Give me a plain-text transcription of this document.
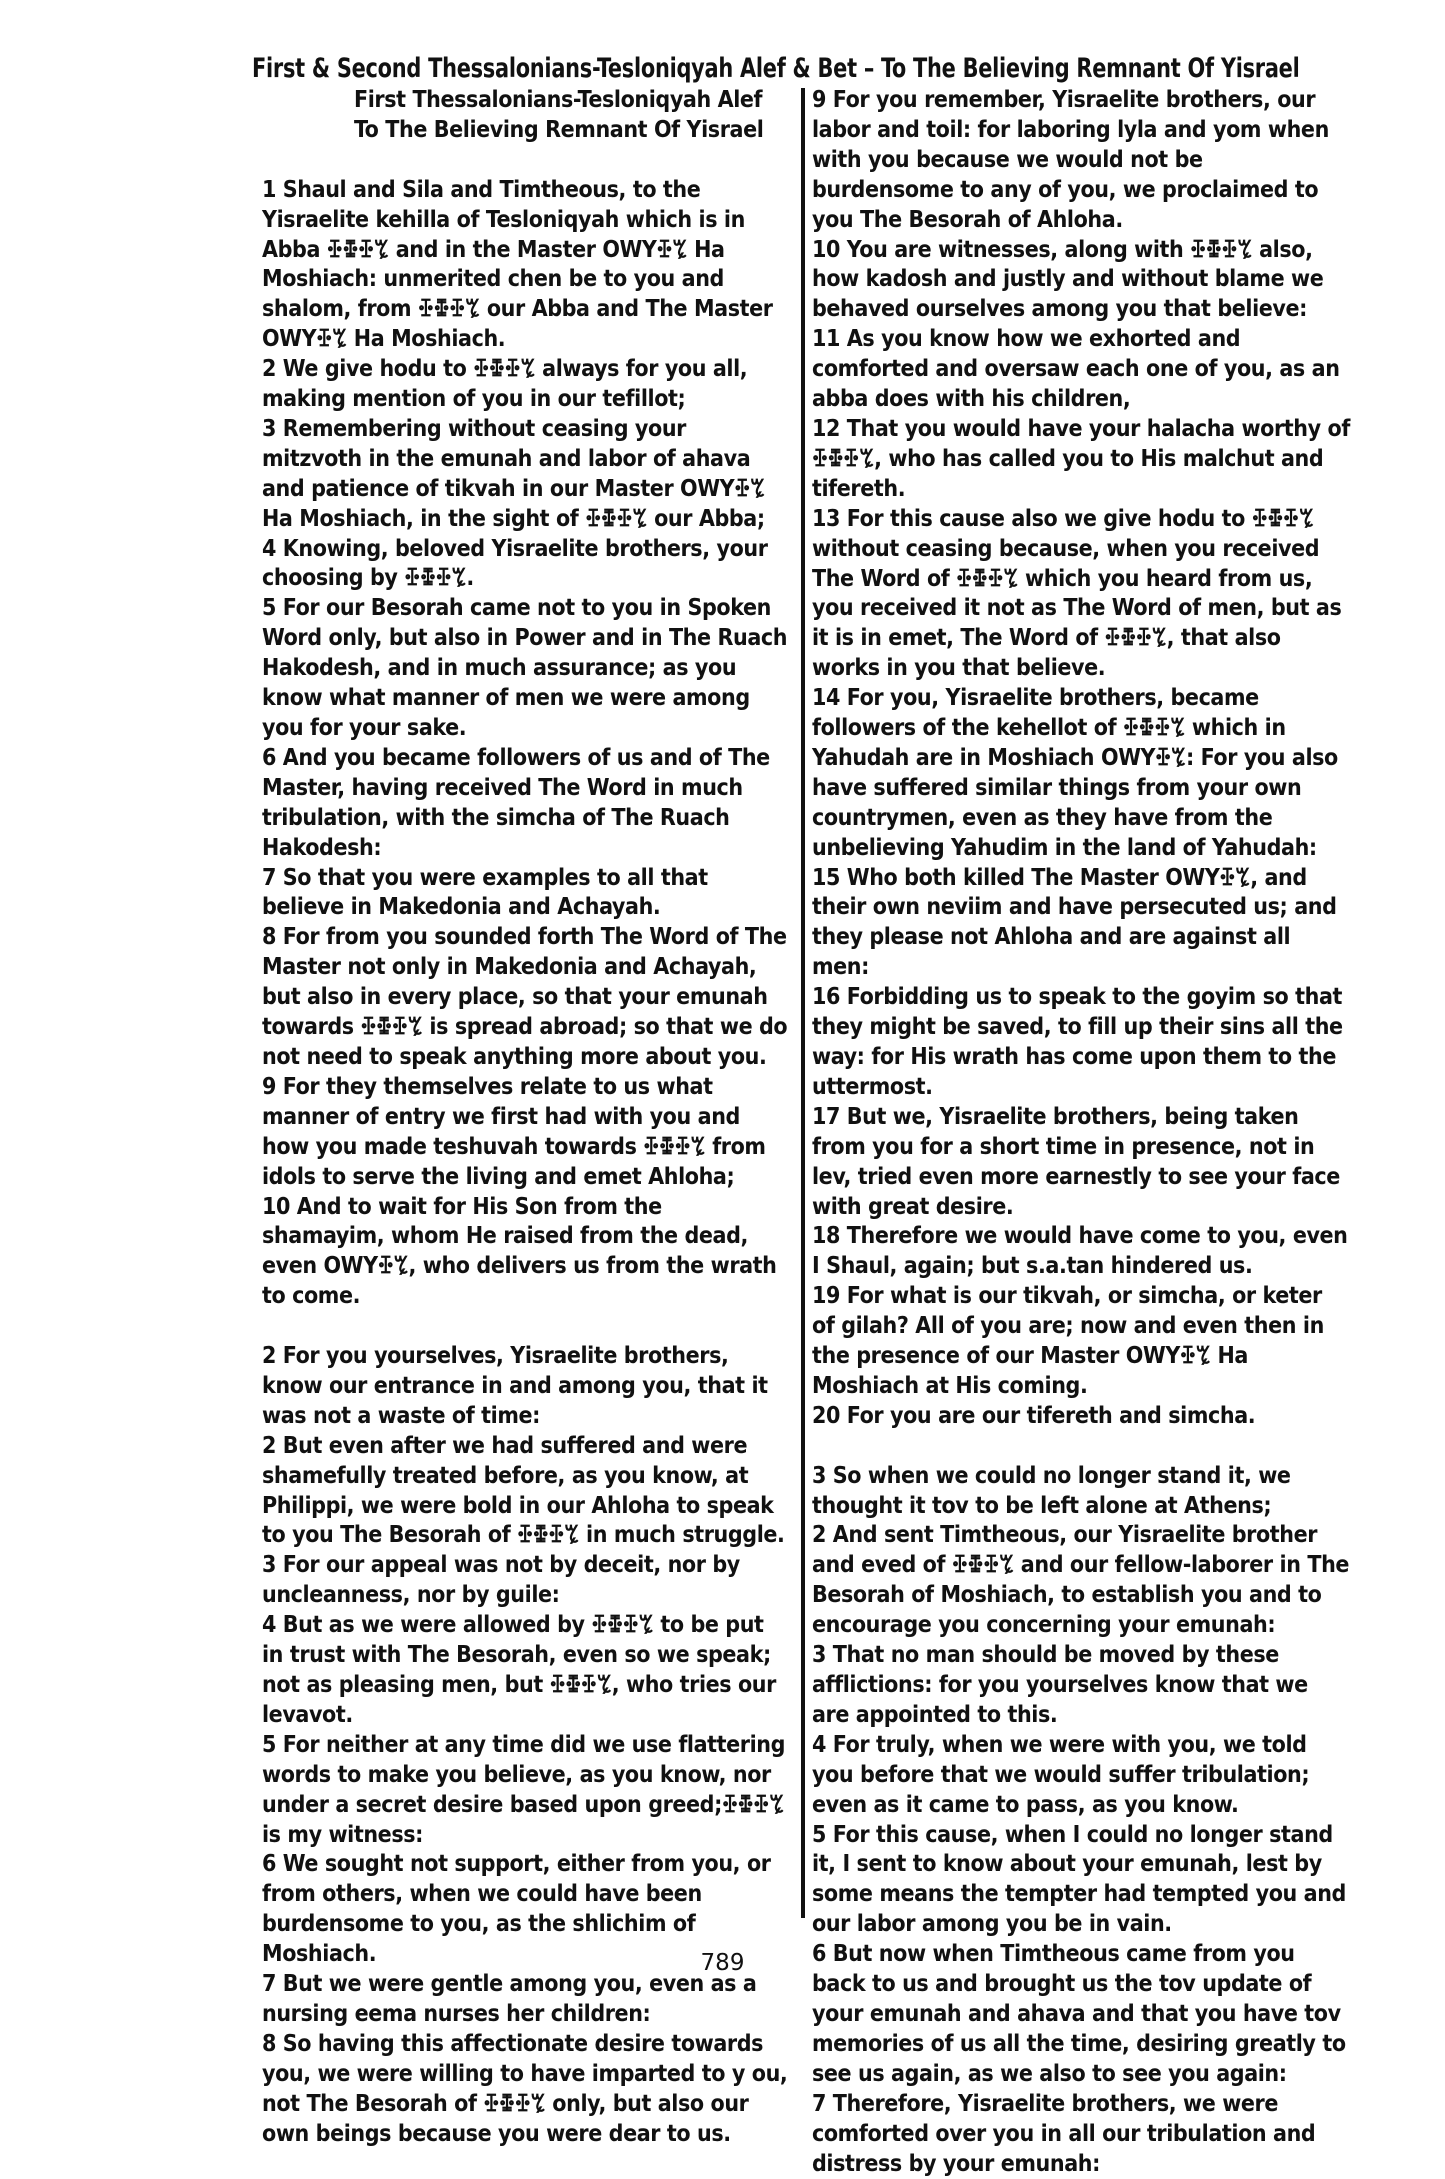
First & Second Thessalonians-Tesloniqyah Alef & Bet – To The Believing Remnant Of Yisrael
First Thessalonians-Tesloniqyah Alef
To The Believing Remnant Of Yisrael

1 Shaul and Sila and Timtheous, to the Yisraelite kehilla of Tesloniqyah which is in Abba ꔀꔁꔀꔂ and in the Master OWYꔀꔂ Ha Moshiach: unmerited chen be to you and shalom, from ꔀꔁꔀꔂ our Abba and The Master OWYꔀꔂ Ha Moshiach.

2 We give hodu to ꔀꔁꔀꔂ always for you all, making mention of you in our tefillot;

3 Remembering without ceasing your mitzvoth in the emunah and labor of ahava and patience of tikvah in our Master OWYꔀꔂ Ha Moshiach, in the sight of ꔀꔁꔀꔂ our Abba;

4 Knowing, beloved Yisraelite brothers, your choosing by ꔀꔁꔀꔂ.

5 For our Besorah came not to you in Spoken Word only, but also in Power and in The Ruach Hakodesh, and in much assurance; as you know what manner of men we were among you for your sake.

6 And you became followers of us and of The Master, having received The Word in much tribulation, with the simcha of The Ruach Hakodesh:

7 So that you were examples to all that believe in Makedonia and Achayah.

8 For from you sounded forth The Word of The Master not only in Makedonia and Achayah, but also in every place, so that your emunah towards ꔀꔁꔀꔂ is spread abroad; so that we do not need to speak anything more about you.

9 For they themselves relate to us what manner of entry we first had with you and how you made teshuvah towards ꔀꔁꔀꔂ from idols to serve the living and emet Ahloha;

10 And to wait for His Son from the shamayim, whom He raised from the dead, even OWYꔀꔂ, who delivers us from the wrath to come.

2 For you yourselves, Yisraelite brothers, know our entrance in and among you, that it was not a waste of time:

2 But even after we had suffered and were shamefully treated before, as you know, at Philippi, we were bold in our Ahloha to speak to you The Besorah of ꔀꔁꔀꔂ in much struggle.

3 For our appeal was not by deceit, nor by uncleanness, nor by guile:

4 But as we were allowed by ꔀꔁꔀꔂ to be put in trust with The Besorah, even so we speak; not as pleasing men, but ꔀꔁꔀꔂ, who tries our levavot.

5 For neither at any time did we use flattering words to make you believe, as you know, nor under a secret desire based upon greed;ꔀꔁꔀꔂ is my witness:

6 We sought not support, either from you, or from others, when we could have been burdensome to you, as the shlichim of Moshiach.

7 But we were gentle among you, even as a nursing eema nurses her children:

8 So having this affectionate desire towards you, we were willing to have imparted to y ou, not The Besorah of ꔀꔁꔀꔂ only, but also our own beings because you were dear to us.

9 For you remember, Yisraelite brothers, our labor and toil: for laboring lyla and yom when with you because we would not be burdensome to any of you, we proclaimed to you The Besorah of Ahloha.

10 You are witnesses, along with ꔀꔁꔀꔂ also, how kadosh and justly and without blame we behaved ourselves among you that believe:

11 As you know how we exhorted and comforted and oversaw each one of you, as an abba does with his children,

12 That you would have your halacha worthy of ꔀꔁꔀꔂ, who has called you to His malchut and tifereth.

13 For this cause also we give hodu to ꔀꔁꔀꔂ without ceasing because, when you received The Word of ꔀꔁꔀꔂ which you heard from us, you received it not as The Word of men, but as it is in emet, The Word of ꔀꔁꔀꔂ, that also works in you that believe.

14 For you, Yisraelite brothers, became followers of the kehellot of ꔀꔁꔀꔂ which in Yahudah are in Moshiach OWYꔀꔂ: For you also have suffered similar things from your own countrymen, even as they have from the unbelieving Yahudim in the land of Yahudah:

15 Who both killed The Master OWYꔀꔂ, and their own neviim and have persecuted us; and they please not Ahloha and are against all men:

16 Forbidding us to speak to the goyim so that they might be saved, to fill up their sins all the way: for His wrath has come upon them to the uttermost.

17 But we, Yisraelite brothers, being taken from you for a short time in presence, not in lev, tried even more earnestly to see your face with great desire.

18 Therefore we would have come to you, even I Shaul, again; but s.a.tan hindered us.

19 For what is our tikvah, or simcha, or keter of gilah? All of you are; now and even then in the presence of our Master OWYꔀꔂ Ha Moshiach at His coming.

20 For you are our tifereth and simcha.

3 So when we could no longer stand it, we thought it tov to be left alone at Athens;

2 And sent Timtheous, our Yisraelite brother and eved of ꔀꔁꔀꔂ and our fellow-laborer in The Besorah of Moshiach, to establish you and to encourage you concerning your emunah:

3 That no man should be moved by these afflictions: for you yourselves know that we are appointed to this.

4 For truly, when we were with you, we told you before that we would suffer tribulation; even as it came to pass, as you know.

5 For this cause, when I could no longer stand it, I sent to know about your emunah, lest by some means the tempter had tempted you and our labor among you be in vain.

6 But now when Timtheous came from you back to us and brought us the tov update of your emunah and ahava and that you have tov memories of us all the time, desiring greatly to see us again, as we also to see you again:

7 Therefore, Yisraelite brothers, we were comforted over you in all our tribulation and distress by your emunah:

789
